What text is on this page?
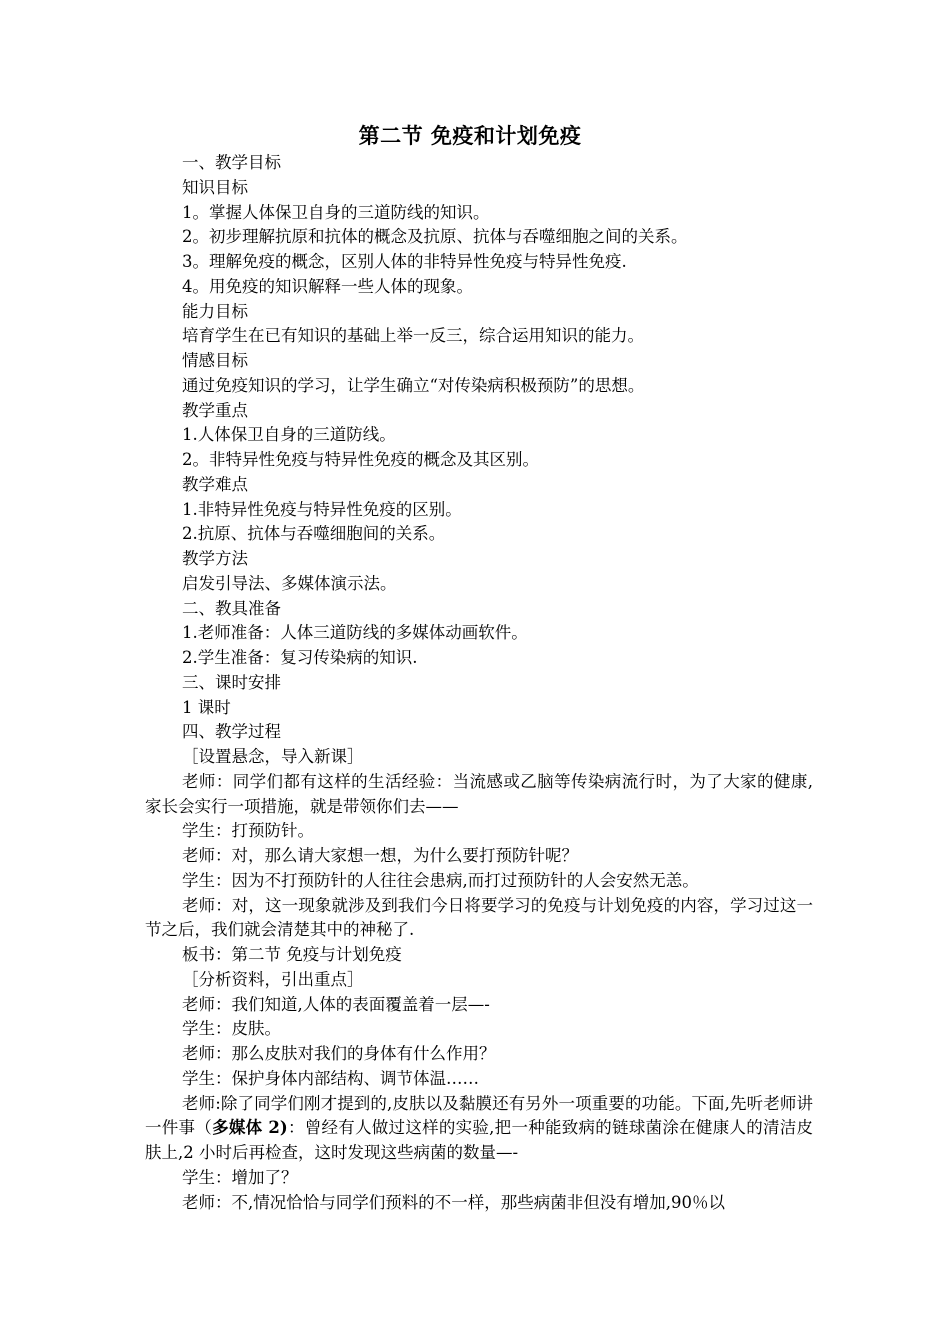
第二节 免疫和计划免疫

一、教学目标

知识目标

1。掌握人体保卫自身的三道防线的知识。

2。初步理解抗原和抗体的概念及抗原、抗体与吞噬细胞之间的关系。

3。理解免疫的概念，区别人体的非特异性免疫与特异性免疫.

4。用免疫的知识解释一些人体的现象。

能力目标

培育学生在已有知识的基础上举一反三，综合运用知识的能力。

情感目标

通过免疫知识的学习，让学生确立“对传染病积极预防”的思想。

教学重点

1.人体保卫自身的三道防线。

2。非特异性免疫与特异性免疫的概念及其区别。

教学难点

1.非特异性免疫与特异性免疫的区别。

2.抗原、抗体与吞噬细胞间的关系。

教学方法

启发引导法、多媒体演示法。

二、教具准备

1.老师准备：人体三道防线的多媒体动画软件。

2.学生准备：复习传染病的知识.

三、课时安排

1 课时

四、教学过程

［设置悬念，导入新课］

老师：同学们都有这样的生活经验：当流感或乙脑等传染病流行时，为了大家的健康,家长会实行一项措施，就是带领你们去——

学生：打预防针。

老师：对，那么请大家想一想，为什么要打预防针呢？

学生：因为不打预防针的人往往会患病,而打过预防针的人会安然无恙。

老师：对，这一现象就涉及到我们今日将要学习的免疫与计划免疫的内容，学习过这一节之后，我们就会清楚其中的神秘了.

板书：第二节 免疫与计划免疫

［分析资料，引出重点］

老师：我们知道,人体的表面覆盖着一层—-

学生：皮肤。

老师：那么皮肤对我们的身体有什么作用？

学生：保护身体内部结构、调节体温……

老师:除了同学们刚才提到的,皮肤以及黏膜还有另外一项重要的功能。下面,先听老师讲一件事（多媒体 2)：曾经有人做过这样的实验,把一种能致病的链球菌涂在健康人的清洁皮肤上,2 小时后再检查，这时发现这些病菌的数量—-

学生：增加了？

老师：不,情况恰恰与同学们预料的不一样，那些病菌非但没有增加,90％以
